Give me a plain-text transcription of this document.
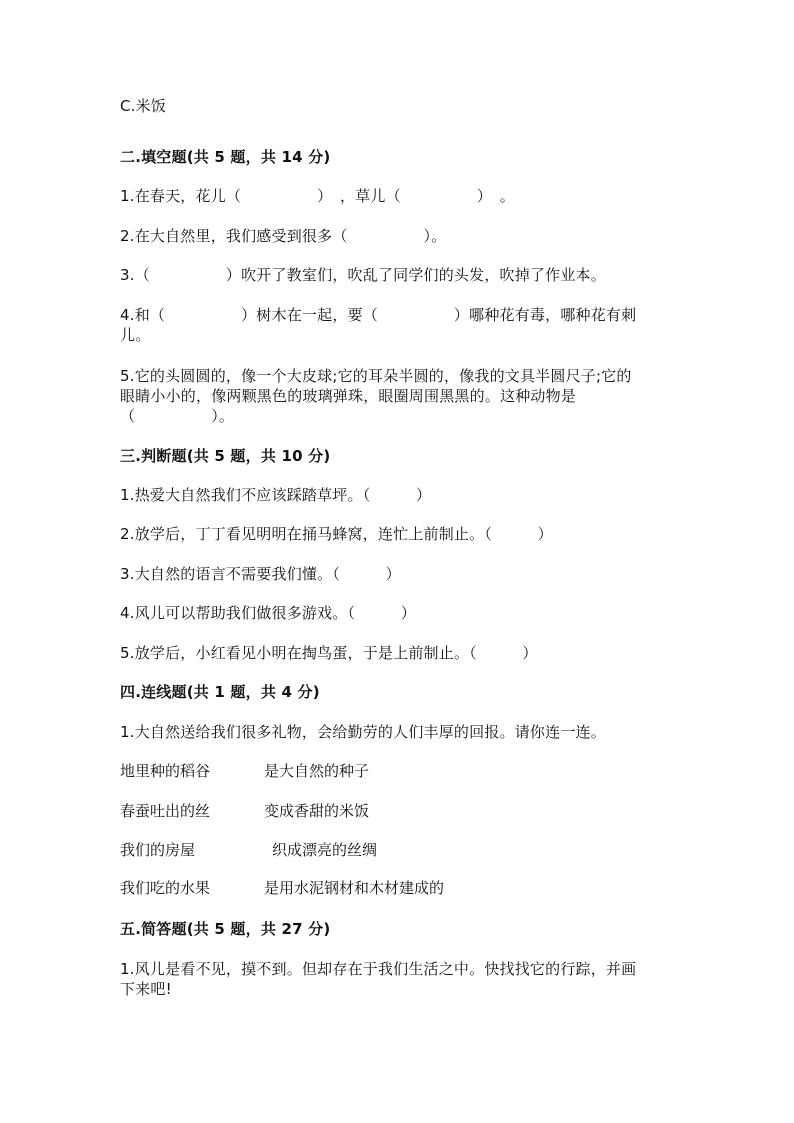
C.米饭

二.填空题(共 5 题，共 14 分)

1.在春天，花儿（　　　　　）　，草儿（　　　　　）　。

2.在大自然里，我们感受到很多（　　　　　）。

3.（　　　　　）吹开了教室们，吹乱了同学们的头发，吹掉了作业本。

4.和（　　　　　）树木在一起，要（　　　　　）哪种花有毒，哪种花有刺

儿。

5.它的头圆圆的，像一个大皮球;它的耳朵半圆的，像我的文具半圆尺子;它的

眼睛小小的，像两颗黑色的玻璃弹珠，眼圈周围黑黑的。这种动物是

（　　　　　）。

三.判断题(共 5 题，共 10 分)

1.热爱大自然我们不应该踩踏草坪。（　　　）

2.放学后，丁丁看见明明在捅马蜂窝，连忙上前制止。（　　　）

3.大自然的语言不需要我们懂。（　　　）

4.风儿可以帮助我们做很多游戏。（　　　）

5.放学后，小红看见小明在掏鸟蛋，于是上前制止。（　　　）

四.连线题(共 1 题，共 4 分)

1.大自然送给我们很多礼物，会给勤劳的人们丰厚的回报。请你连一连。

地里种的稻谷	是大自然的种子
春蚕吐出的丝	变成香甜的米饭
我们的房屋	织成漂亮的丝绸
我们吃的水果	是用水泥钢材和木材建成的

五.简答题(共 5 题，共 27 分)

1.风儿是看不见，摸不到。但却存在于我们生活之中。快找找它的行踪，并画

下来吧!
